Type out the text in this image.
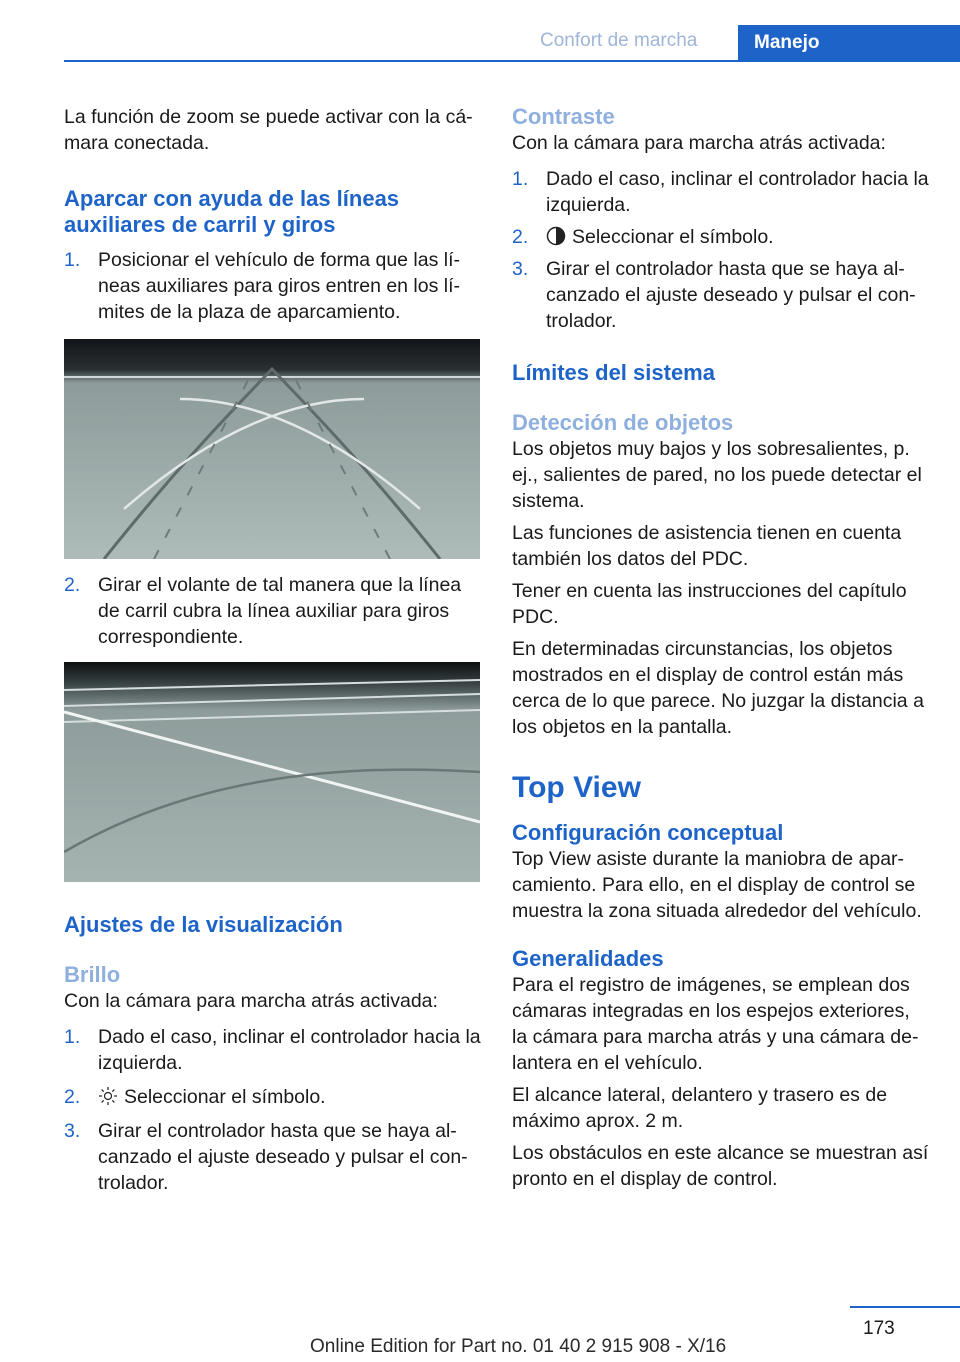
Confort de marcha	Manejo

La función de zoom se puede activar con la cá-
mara conectada.

Aparcar con ayuda de las líneas auxiliares de carril y giros
1. Posicionar el vehículo de forma que las lí-neas auxiliares para giros entren en los lí-mites de la plaza de aparcamiento.
2. Girar el volante de tal manera que la línea de carril cubra la línea auxiliar para giros correspondiente.
Ajustes de la visualización
Brillo

Con la cámara para marcha atrás activada:

1. Dado el caso, inclinar el controlador hacia la izquierda.
2. Seleccionar el símbolo.
3. Girar el controlador hasta que se haya al-canzado el ajuste deseado y pulsar el con-trolador.
Contraste

Con la cámara para marcha atrás activada:

1. Dado el caso, inclinar el controlador hacia la izquierda.
2. Seleccionar el símbolo.
3. Girar el controlador hasta que se haya al-canzado el ajuste deseado y pulsar el con-trolador.
Límites del sistema
Detección de objetos

Los objetos muy bajos y los sobresalientes, p. ej., salientes de pared, no los puede detectar el sistema.

Las funciones de asistencia tienen en cuenta también los datos del PDC.

Tener en cuenta las instrucciones del capítulo PDC.

En determinadas circunstancias, los objetos mostrados en el display de control están más cerca de lo que parece. No juzgar la distancia a los objetos en la pantalla.

Top View
Configuración conceptual

Top View asiste durante la maniobra de apar-camiento. Para ello, en el display de control se muestra la zona situada alrededor del vehículo.

Generalidades

Para el registro de imágenes, se emplean dos cámaras integradas en los espejos exteriores, la cámara para marcha atrás y una cámara de-lantera en el vehículo.

El alcance lateral, delantero y trasero es de máximo aprox. 2 m.

Los obstáculos en este alcance se muestran así pronto en el display de control.

173
Online Edition for Part no. 01 40 2 915 908 - X/16
